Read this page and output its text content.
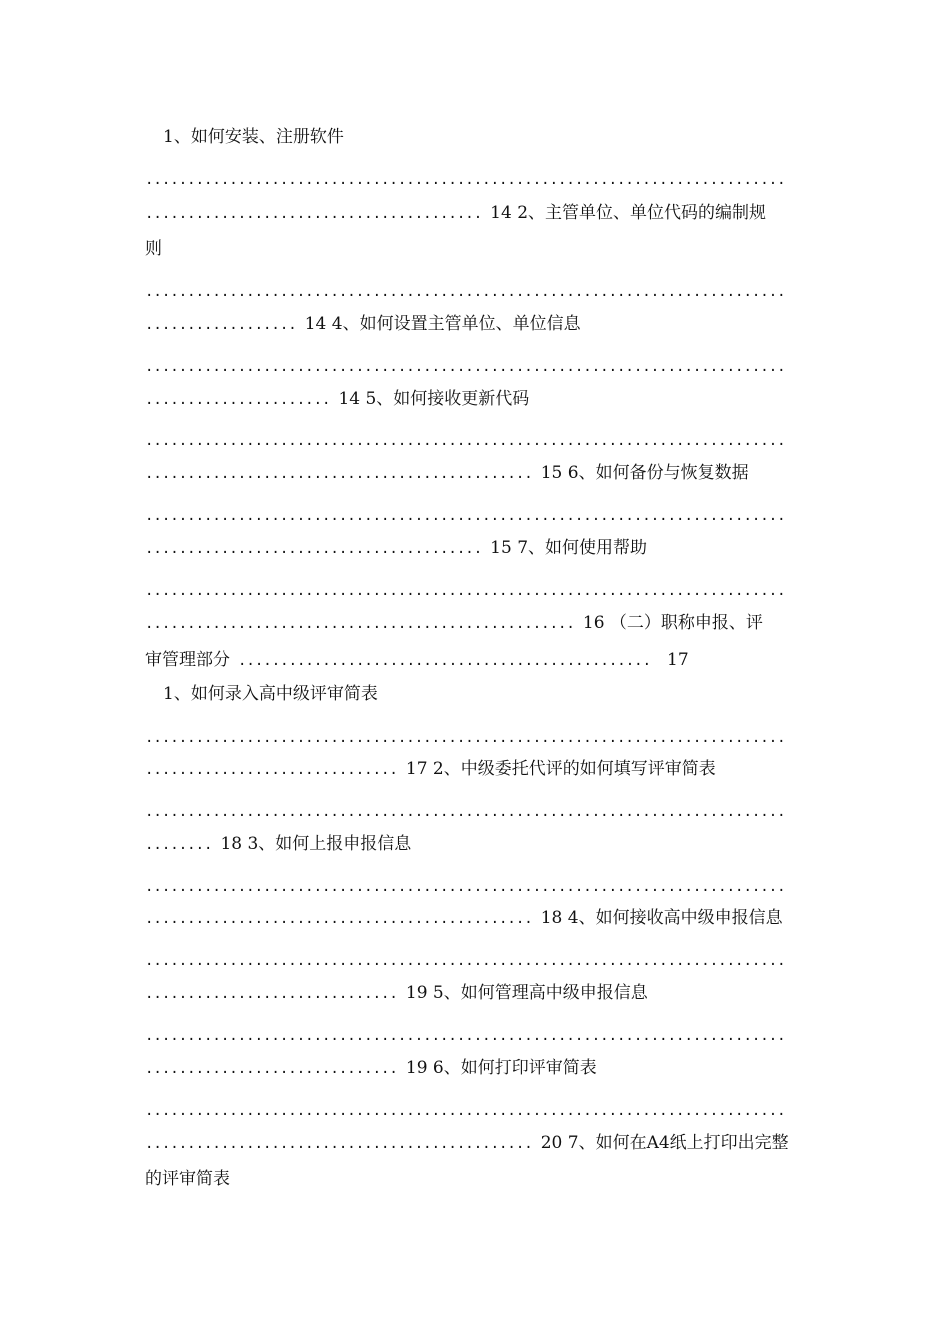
1、如何安装、注册软件
............................................................................
........................................ 14 2、主管单位、单位代码的编制规
则
............................................................................
.................. 14 4、如何设置主管单位、单位信息
............................................................................
...................... 14 5、如何接收更新代码
............................................................................
.............................................. 15 6、如何备份与恢复数据
............................................................................
........................................ 15 7、如何使用帮助
............................................................................
................................................... 16 （二）职称申报、评
审管理部分 ................................................. 17
1、如何录入高中级评审简表
............................................................................
.............................. 17 2、中级委托代评的如何填写评审简表
............................................................................
........ 18 3、如何上报申报信息
............................................................................
.............................................. 18 4、如何接收高中级申报信息
............................................................................
.............................. 19 5、如何管理高中级申报信息
............................................................................
.............................. 19 6、如何打印评审简表
............................................................................
.............................................. 20 7、如何在A4纸上打印出完整
的评审简表
